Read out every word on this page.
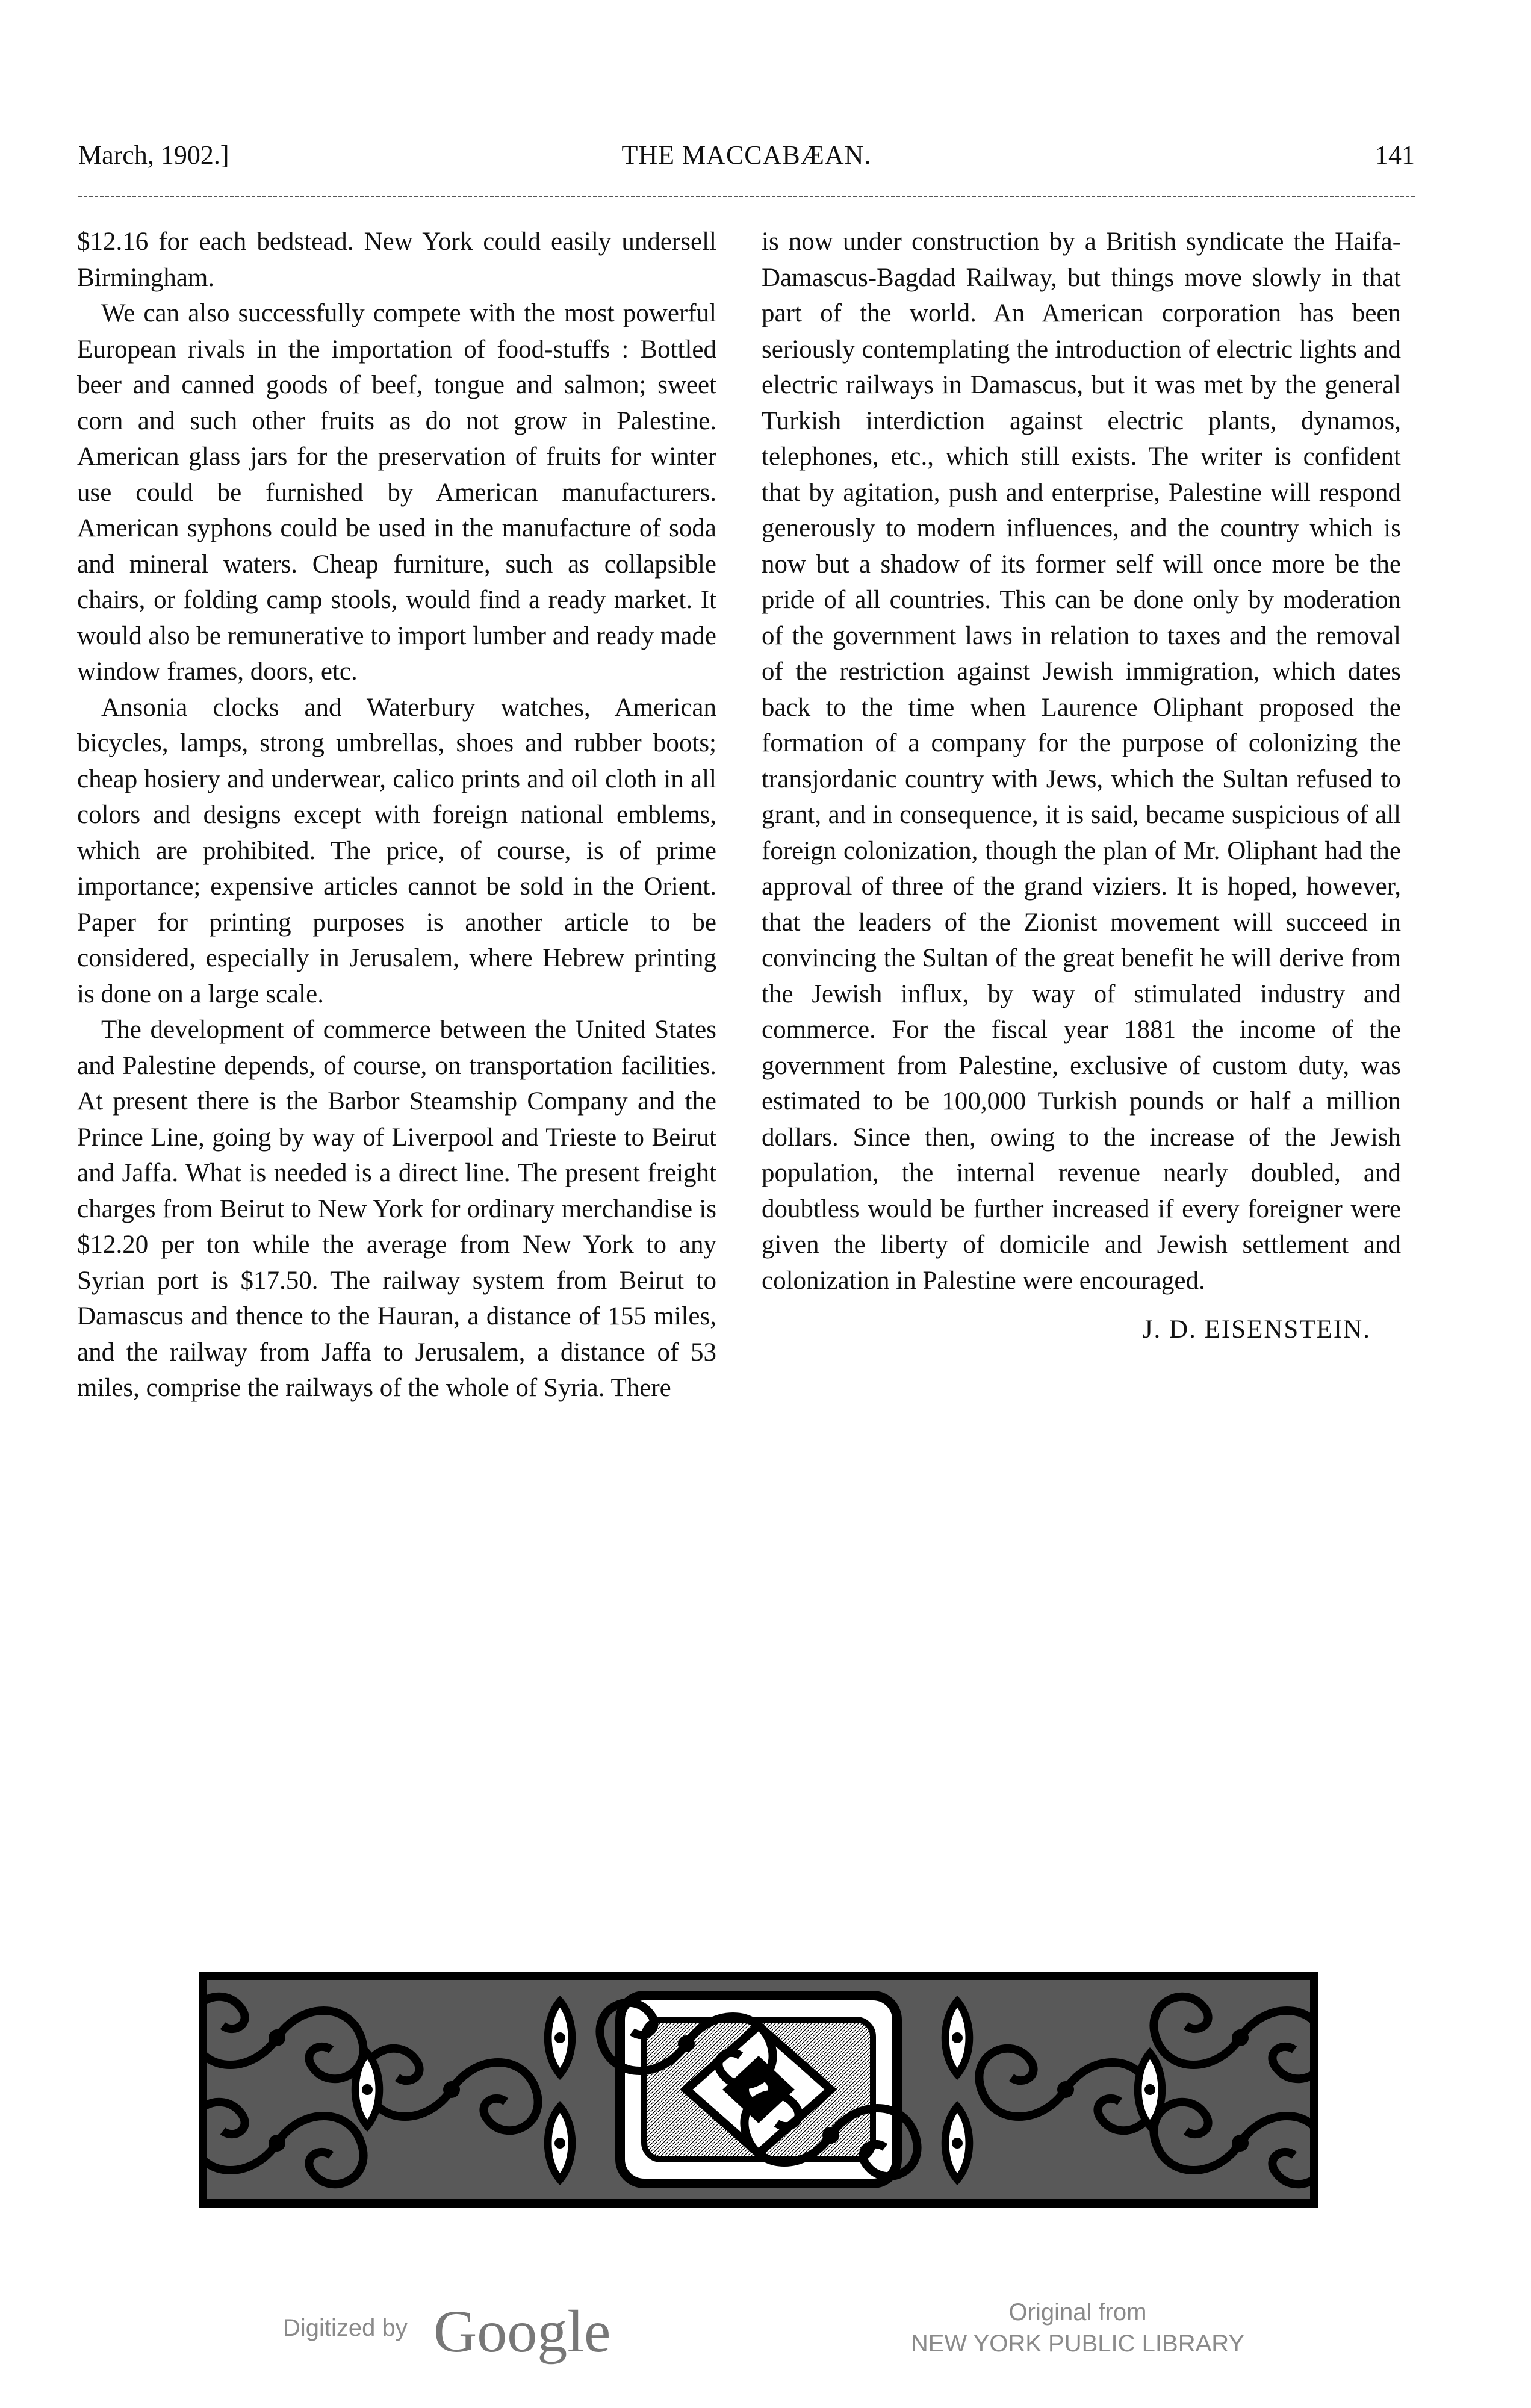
March, 1902.]	THE MACCABÆAN.	141

$12.16 for each bedstead. New York could easily undersell Birmingham.

We can also successfully compete with the most powerful European rivals in the importation of food-stuffs : Bottled beer and canned goods of beef, tongue and salmon; sweet corn and such other fruits as do not grow in Palestine. American glass jars for the preservation of fruits for winter use could be furnished by American manufacturers. American syphons could be used in the manufacture of soda and mineral waters. Cheap furniture, such as collapsible chairs, or folding camp stools, would find a ready market. It would also be remunerative to import lumber and ready made window frames, doors, etc.

Ansonia clocks and Waterbury watches, American bicycles, lamps, strong umbrellas, shoes and rubber boots; cheap hosiery and underwear, calico prints and oil cloth in all colors and designs except with foreign national emblems, which are prohibited. The price, of course, is of prime importance; expensive articles cannot be sold in the Orient. Paper for printing purposes is another article to be considered, especially in Jerusalem, where Hebrew printing is done on a large scale.

The development of commerce between the United States and Palestine depends, of course, on transportation facilities. At present there is the Barbor Steamship Company and the Prince Line, going by way of Liverpool and Trieste to Beirut and Jaffa. What is needed is a direct line. The present freight charges from Beirut to New York for ordinary merchandise is $12.20 per ton while the average from New York to any Syrian port is $17.50. The railway system from Beirut to Damascus and thence to the Hauran, a distance of 155 miles, and the railway from Jaffa to Jerusalem, a distance of 53 miles, comprise the railways of the whole of Syria. There

is now under construction by a British syndicate the Haifa-Damascus-Bagdad Railway, but things move slowly in that part of the world. An American corporation has been seriously contemplating the introduction of electric lights and electric railways in Damascus, but it was met by the general Turkish interdiction against electric plants, dynamos, telephones, etc., which still exists. The writer is confident that by agitation, push and enterprise, Palestine will respond generously to modern influences, and the country which is now but a shadow of its former self will once more be the pride of all countries. This can be done only by moderation of the government laws in relation to taxes and the removal of the restriction against Jewish immigration, which dates back to the time when Laurence Oliphant proposed the formation of a company for the purpose of colonizing the transjordanic country with Jews, which the Sultan refused to grant, and in consequence, it is said, became suspicious of all foreign colonization, though the plan of Mr. Oliphant had the approval of three of the grand viziers. It is hoped, however, that the leaders of the Zionist movement will succeed in convincing the Sultan of the great benefit he will derive from the Jewish influx, by way of stimulated industry and commerce. For the fiscal year 1881 the income of the government from Palestine, exclusive of custom duty, was estimated to be 100,000 Turkish pounds or half a million dollars. Since then, owing to the increase of the Jewish population, the internal revenue nearly doubled, and doubtless would be further increased if every foreigner were given the liberty of domicile and Jewish settlement and colonization in Palestine were encouraged.

J. D. EISENSTEIN.
Digitized by Google	Original from
NEW YORK PUBLIC LIBRARY
